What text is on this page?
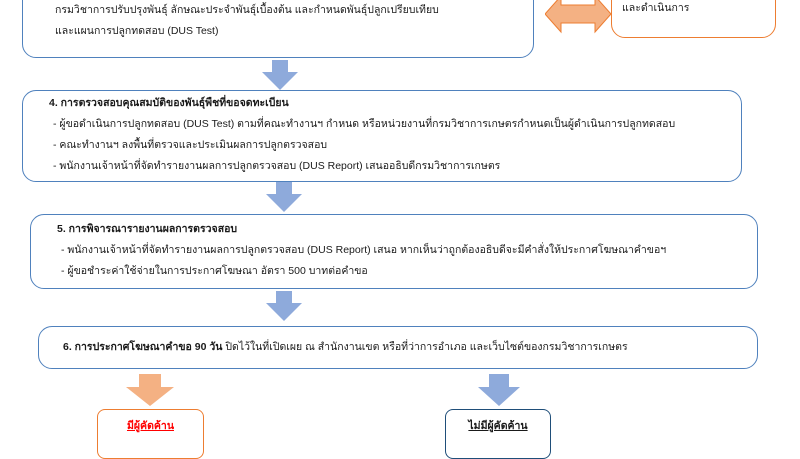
กรมวิชาการปรับปรุงพันธุ์ ลักษณะประจำพันธุ์เบื้องต้น และกำหนดพันธุ์ปลูกเปรียบเทียบ
และแผนการปลูกทดสอบ (DUS Test)
และดำเนินการ
4. การตรวจสอบคุณสมบัติของพันธุ์พืชที่ขอจดทะเบียน
- ผู้ขอดำเนินการปลูกทดสอบ (DUS Test) ตามที่คณะทำงานฯ กำหนด หรือหน่วยงานที่กรมวิชาการเกษตรกำหนดเป็นผู้ดำเนินการปลูกทดสอบ
- คณะทำงานฯ ลงพื้นที่ตรวจและประเมินผลการปลูกตรวจสอบ
- พนักงานเจ้าหน้าที่จัดทำรายงานผลการปลูกตรวจสอบ (DUS Report) เสนออธิบดีกรมวิชาการเกษตร
5. การพิจารณารายงานผลการตรวจสอบ
- พนักงานเจ้าหน้าที่จัดทำรายงานผลการปลูกตรวจสอบ (DUS Report) เสนอ หากเห็นว่าถูกต้องอธิบดีจะมีคำสั่งให้ประกาศโฆษณาคำขอฯ
- ผู้ขอชำระค่าใช้จ่ายในการประกาศโฆษณา อัตรา 500 บาทต่อคำขอ
6. การประกาศโฆษณาคำขอ 90 วัน ปิดไว้ในที่เปิดเผย ณ สำนักงานเขต หรือที่ว่าการอำเภอ และเว็บไซต์ของกรมวิชาการเกษตร
มีผู้คัดค้าน	ไม่มีผู้คัดค้าน
